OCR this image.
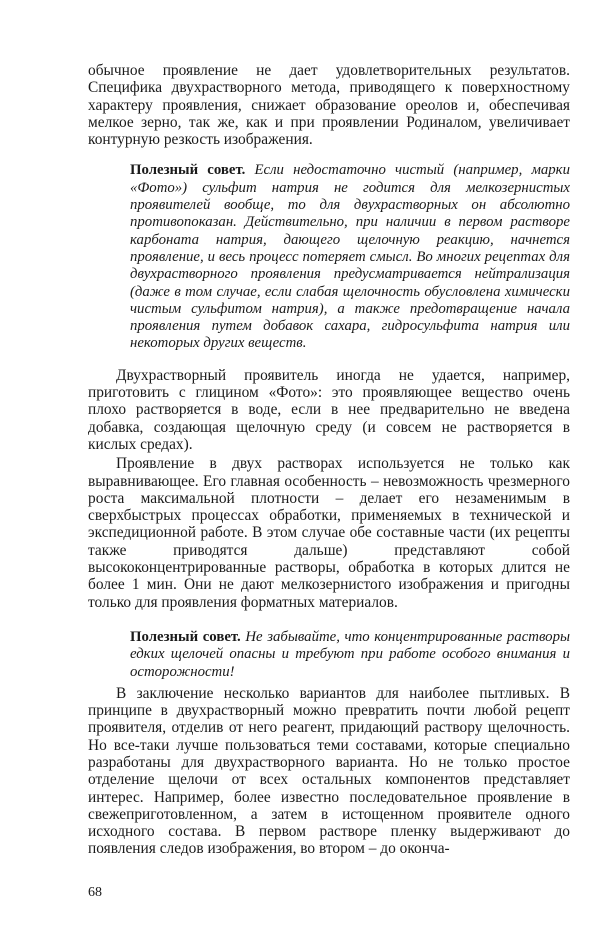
обычное проявление не дает удовлетворительных результатов. Специфика двухрастворного метода, приводящего к поверхностному характеру проявления, снижает образование ореолов и, обеспечивая мелкое зерно, так же, как и при проявлении Родиналом, увеличивает контурную резкость изображения.

Полезный совет. Если недостаточно чистый (например, марки «Фото») сульфит натрия не годится для мелкозернистых проявителей вообще, то для двухрастворных он абсолютно противопоказан. Действительно, при наличии в первом растворе карбоната натрия, дающего щелочную реакцию, начнется проявление, и весь процесс потеряет смысл. Во многих рецептах для двухрастворного проявления предусматривается нейтрализация (даже в том случае, если слабая щелочность обусловлена химически чистым сульфитом натрия), а также предотвращение начала проявления путем добавок сахара, гидросульфита натрия или некоторых других веществ.

Двухрастворный проявитель иногда не удается, например, приготовить с глицином «Фото»: это проявляющее вещество очень плохо растворяется в воде, если в нее предварительно не введена добавка, создающая щелочную среду (и совсем не растворяется в кислых средах).

Проявление в двух растворах используется не только как выравнивающее. Его главная особенность – невозможность чрезмерного роста максимальной плотности – делает его незаменимым в сверхбыстрых процессах обработки, применяемых в технической и экспедиционной работе. В этом случае обе составные части (их рецепты также приводятся дальше) представляют собой высококонцентрированные растворы, обработка в которых длится не более 1 мин. Они не дают мелкозернистого изображения и пригодны только для проявления форматных материалов.

Полезный совет. Не забывайте, что концентрированные растворы едких щелочей опасны и требуют при работе особого внимания и осторожности!

В заключение несколько вариантов для наиболее пытливых. В принципе в двухрастворный можно превратить почти любой рецепт проявителя, отделив от него реагент, придающий раствору щелочность. Но все-таки лучше пользоваться теми составами, которые специально разработаны для двухрастворного варианта. Но не только простое отделение щелочи от всех остальных компонентов представляет интерес. Например, более известно последовательное проявление в свежеприготовленном, а затем в истощенном проявителе одного исходного состава. В первом растворе пленку выдерживают до появления следов изображения, во втором – до оконча-

68
